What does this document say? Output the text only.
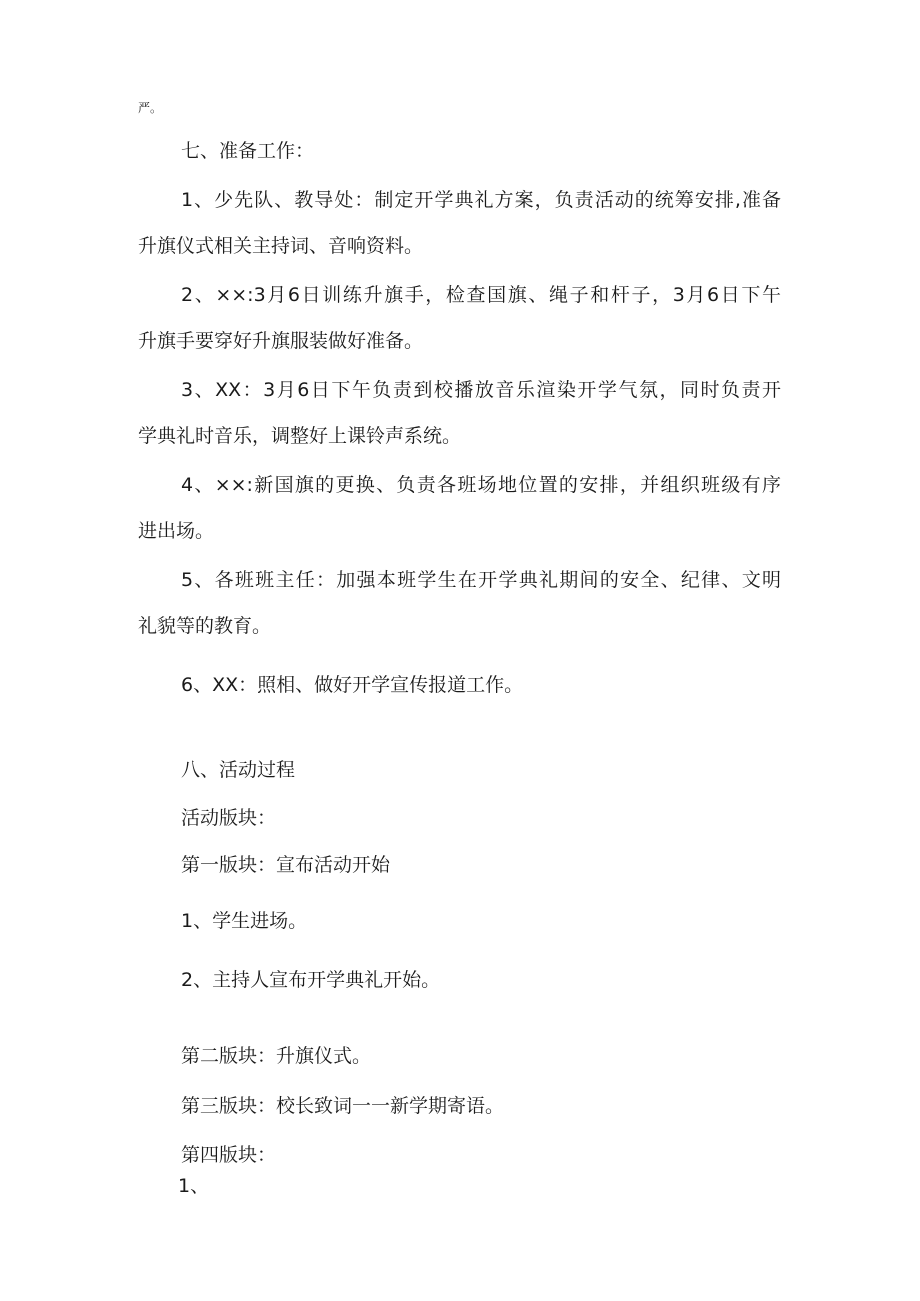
严。
七、准备工作：
1、少先队、教导处：制定开学典礼方案，负责活动的统筹安排,准备
升旗仪式相关主持词、音响资料。
2、××:3月6日训练升旗手，检查国旗、绳子和杆子，3月6日下午
升旗手要穿好升旗服装做好准备。
3、XX：3月6日下午负责到校播放音乐渲染开学气氛，同时负责开
学典礼时音乐，调整好上课铃声系统。
4、××:新国旗的更换、负责各班场地位置的安排，并组织班级有序
进出场。
5、各班班主任：加强本班学生在开学典礼期间的安全、纪律、文明
礼貌等的教育。
6、XX：照相、做好开学宣传报道工作。
八、活动过程
活动版块：
第一版块：宣布活动开始
1、学生进场。
2、主持人宣布开学典礼开始。
第二版块：升旗仪式。
第三版块：校长致词一一新学期寄语。
第四版块：
1、
